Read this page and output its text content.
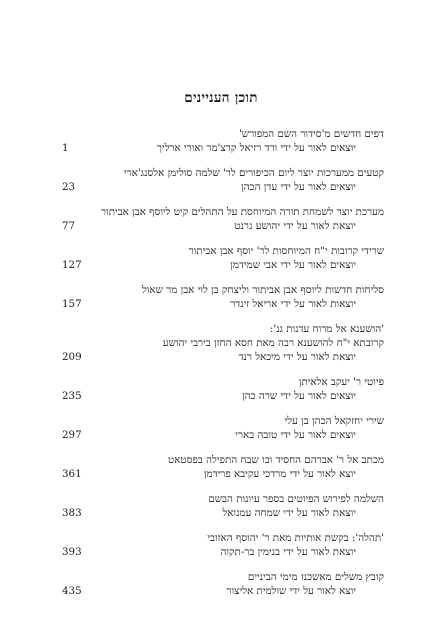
תוכן העניינים
דפים חדשים מ'סידור השם המפורש'
יוצאים לאור על ידי ורד רזיאל קרצ'מר ואורי ארליך
1
קטעים ממערכות יוצר ליום הכיפורים לר' שלמה סולימן אלסנג'ארי
יוצאים לאור על ידי עדן הכהן
23
מערכת יוצר לשמחת תורה המיוחסת על התהלים קיט ליוסף אבן אביתור
יוצאת לאור על ידי יהושע גרנט
77
שרידי קרובות י"ח המיוחסות לר' יוסף אבן אביתור
יוצאים לאור על ידי אבי שמידמן
127
סליחות חדשות ליוסף אבן אביתור וליצחק בן לוי אבן מר שאול
יוצאות לאור על ידי אריאל זינדר
157
'הושענא אל מרוח עדנות גנ':
קרובתא י"ח להושענא רבה מאת חסא החזן בירבי יהושע
יוצאת לאור על ידי מיכאל רנד
209
פיוטי ר' יעקב אלאיתן
יוצאים לאור על ידי שרה כהן
235
שירי יחזקאל הכהן בן עלי
יוצאים לאור על ידי טובה בארי
297
מכתב אל ר' אברהם החסיד ובו שבח התפילה בפסטאט
יוצא לאור על ידי מרדכי עקיבא פרידמן
361
השלמה לפירוש הפיוטים בספר עיונות הבשם
יוצאת לאור על ידי שמחה עמנואל
383
'תהלה': בקשת אותיות מאת ר' יהוסף האזובי
יוצאת לאור על ידי בנימין בר-תקוה
393
קובץ משלים מאשכנז מימי הביניים
יוצא לאור על ידי שולמית אליצור
435
